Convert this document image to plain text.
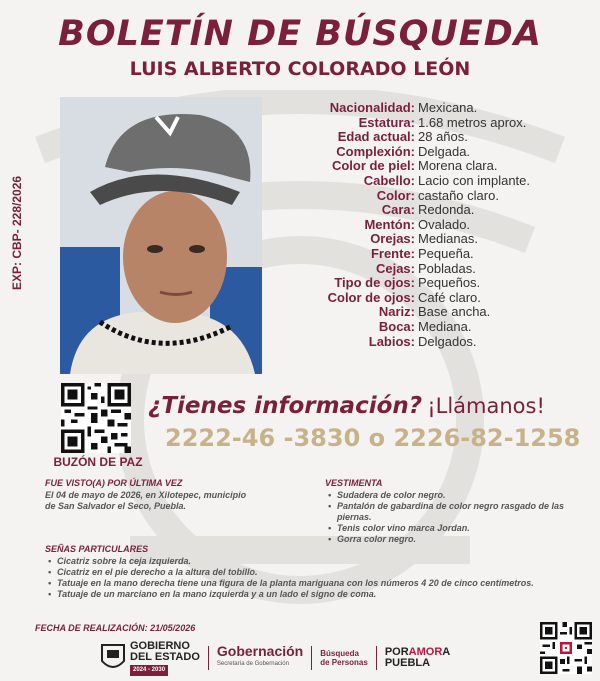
BOLETÍN DE BÚSQUEDA
LUIS ALBERTO COLORADO LEÓN
EXP: CBP- 228/2026
Nacionalidad: Mexicana.
Estatura: 1.68 metros aprox.
Edad actual: 28 años.
Complexión: Delgada.
Color de piel: Morena clara.
Cabello: Lacio con implante.
Color: castaño claro.
Cara: Redonda.
Mentón: Ovalado.
Orejas: Medianas.
Frente: Pequeña.
Cejas: Pobladas.
Tipo de ojos: Pequeños.
Color de ojos: Café claro.
Nariz: Base ancha.
Boca: Mediana.
Labios: Delgados.
BUZÓN DE PAZ
¿Tienes información? ¡Llámanos!
2222-46 -3830 o 2226-82-1258
FUE VISTO(A) POR ÚLTIMA VEZ
El 04 de mayo de 2026, en Xilotepec, municipio
de San Salvador el Seco, Puebla.
VESTIMENTA
• Sudadera de color negro.
• Pantalón de gabardina de color negro rasgado de las piernas.
• Tenis color vino marca Jordan.
• Gorra color negro.
SEÑAS PARTICULARES
• Cicatriz sobre la ceja izquierda.
• Cicatriz en el pie derecho a la altura del tobillo.
• Tatuaje en la mano derecha tiene una figura de la planta mariguana con los números 4 20 de cinco centímetros.
• Tatuaje de un marciano en la mano izquierda y a un lado el signo de coma.
FECHA DE REALIZACIÓN: 21/05/2026
GOBIERNO
DEL ESTADO
2024 - 2030
Gobernación
Secretaría de Gobernación
Búsqueda
de Personas
PORAMORA
PUEBLA
